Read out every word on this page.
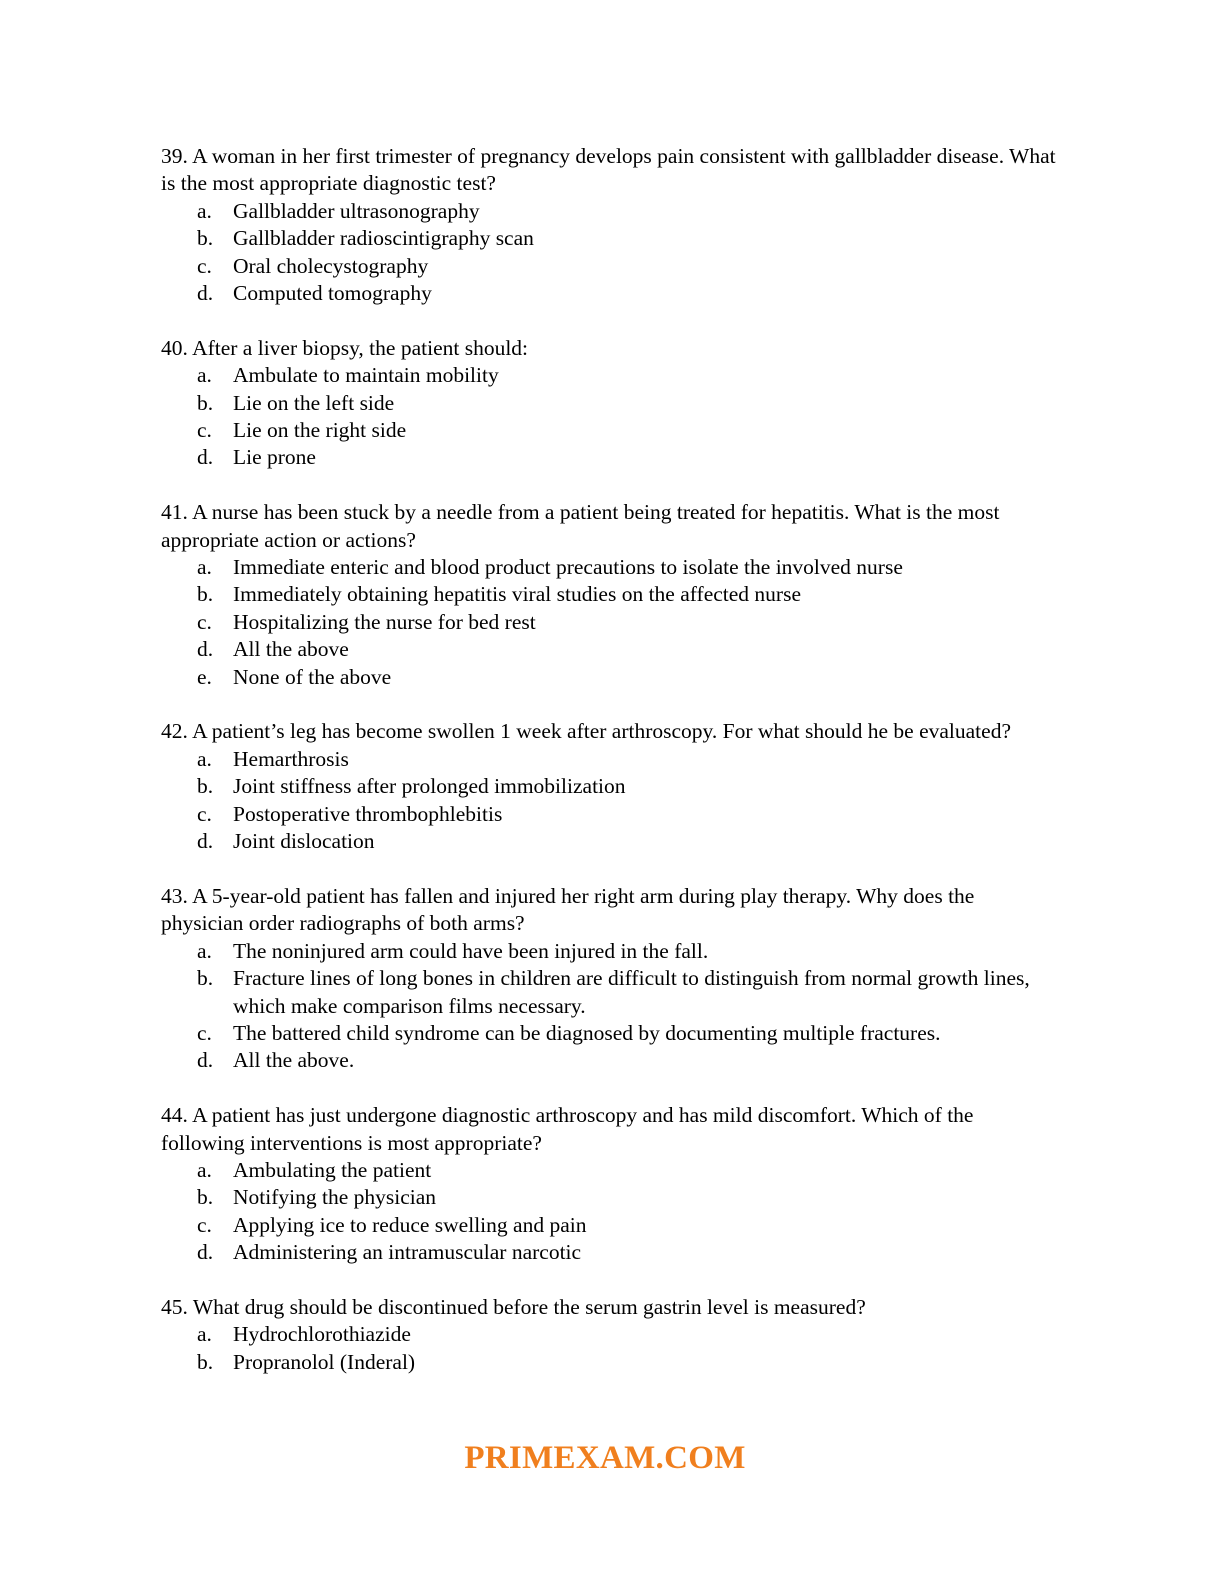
39. A woman in her first trimester of pregnancy develops pain consistent with gallbladder disease. What is the most appropriate diagnostic test?

a. Gallbladder ultrasonography
b. Gallbladder radioscintigraphy scan
c. Oral cholecystography
d. Computed tomography

40. After a liver biopsy, the patient should:

a. Ambulate to maintain mobility
b. Lie on the left side
c. Lie on the right side
d. Lie prone

41. A nurse has been stuck by a needle from a patient being treated for hepatitis. What is the most appropriate action or actions?

a. Immediate enteric and blood product precautions to isolate the involved nurse
b. Immediately obtaining hepatitis viral studies on the affected nurse
c. Hospitalizing the nurse for bed rest
d. All the above
e. None of the above

42. A patient’s leg has become swollen 1 week after arthroscopy. For what should he be evaluated?

a. Hemarthrosis
b. Joint stiffness after prolonged immobilization
c. Postoperative thrombophlebitis
d. Joint dislocation

43. A 5-year-old patient has fallen and injured her right arm during play therapy. Why does the physician order radiographs of both arms?

a. The noninjured arm could have been injured in the fall.
b. Fracture lines of long bones in children are difficult to distinguish from normal growth lines, which make comparison films necessary.
c. The battered child syndrome can be diagnosed by documenting multiple fractures.
d. All the above.

44. A patient has just undergone diagnostic arthroscopy and has mild discomfort. Which of the following interventions is most appropriate?

a. Ambulating the patient
b. Notifying the physician
c. Applying ice to reduce swelling and pain
d. Administering an intramuscular narcotic

45. What drug should be discontinued before the serum gastrin level is measured?

a. Hydrochlorothiazide
b. Propranolol (Inderal)
PRIMEXAM.COM
